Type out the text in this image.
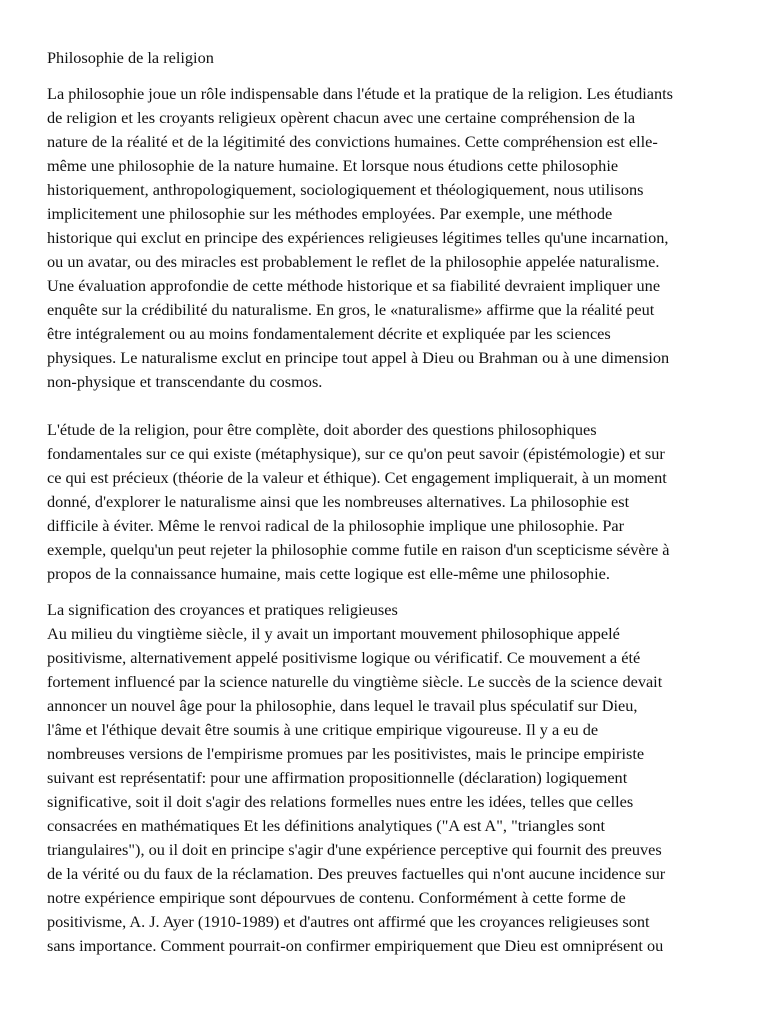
Philosophie de la religion

La philosophie joue un rôle indispensable dans l'étude et la pratique de la religion. Les étudiants
de religion et les croyants religieux opèrent chacun avec une certaine compréhension de la
nature de la réalité et de la légitimité des convictions humaines. Cette compréhension est elle-
même une philosophie de la nature humaine. Et lorsque nous étudions cette philosophie
historiquement, anthropologiquement, sociologiquement et théologiquement, nous utilisons
implicitement une philosophie sur les méthodes employées. Par exemple, une méthode
historique qui exclut en principe des expériences religieuses légitimes telles qu'une incarnation,
ou un avatar, ou des miracles est probablement le reflet de la philosophie appelée naturalisme.
Une évaluation approfondie de cette méthode historique et sa fiabilité devraient impliquer une
enquête sur la crédibilité du naturalisme. En gros, le «naturalisme» affirme que la réalité peut
être intégralement ou au moins fondamentalement décrite et expliquée par les sciences
physiques. Le naturalisme exclut en principe tout appel à Dieu ou Brahman ou à une dimension
non-physique et transcendante du cosmos.

L'étude de la religion, pour être complète, doit aborder des questions philosophiques
fondamentales sur ce qui existe (métaphysique), sur ce qu'on peut savoir (épistémologie) et sur
ce qui est précieux (théorie de la valeur et éthique). Cet engagement impliquerait, à un moment
donné, d'explorer le naturalisme ainsi que les nombreuses alternatives. La philosophie est
difficile à éviter. Même le renvoi radical de la philosophie implique une philosophie. Par
exemple, quelqu'un peut rejeter la philosophie comme futile en raison d'un scepticisme sévère à
propos de la connaissance humaine, mais cette logique est elle-même une philosophie.

La signification des croyances et pratiques religieuses

Au milieu du vingtième siècle, il y avait un important mouvement philosophique appelé
positivisme, alternativement appelé positivisme logique ou vérificatif. Ce mouvement a été
fortement influencé par la science naturelle du vingtième siècle. Le succès de la science devait
annoncer un nouvel âge pour la philosophie, dans lequel le travail plus spéculatif sur Dieu,
l'âme et l'éthique devait être soumis à une critique empirique vigoureuse. Il y a eu de
nombreuses versions de l'empirisme promues par les positivistes, mais le principe empiriste
suivant est représentatif: pour une affirmation propositionnelle (déclaration) logiquement
significative, soit il doit s'agir des relations formelles nues entre les idées, telles que celles
consacrées en mathématiques Et les définitions analytiques ("A est A", "triangles sont
triangulaires"), ou il doit en principe s'agir d'une expérience perceptive qui fournit des preuves
de la vérité ou du faux de la réclamation. Des preuves factuelles qui n'ont aucune incidence sur
notre expérience empirique sont dépourvues de contenu. Conformément à cette forme de
positivisme, A. J. Ayer (1910-1989) et d'autres ont affirmé que les croyances religieuses sont
sans importance. Comment pourrait-on confirmer empiriquement que Dieu est omniprésent ou
